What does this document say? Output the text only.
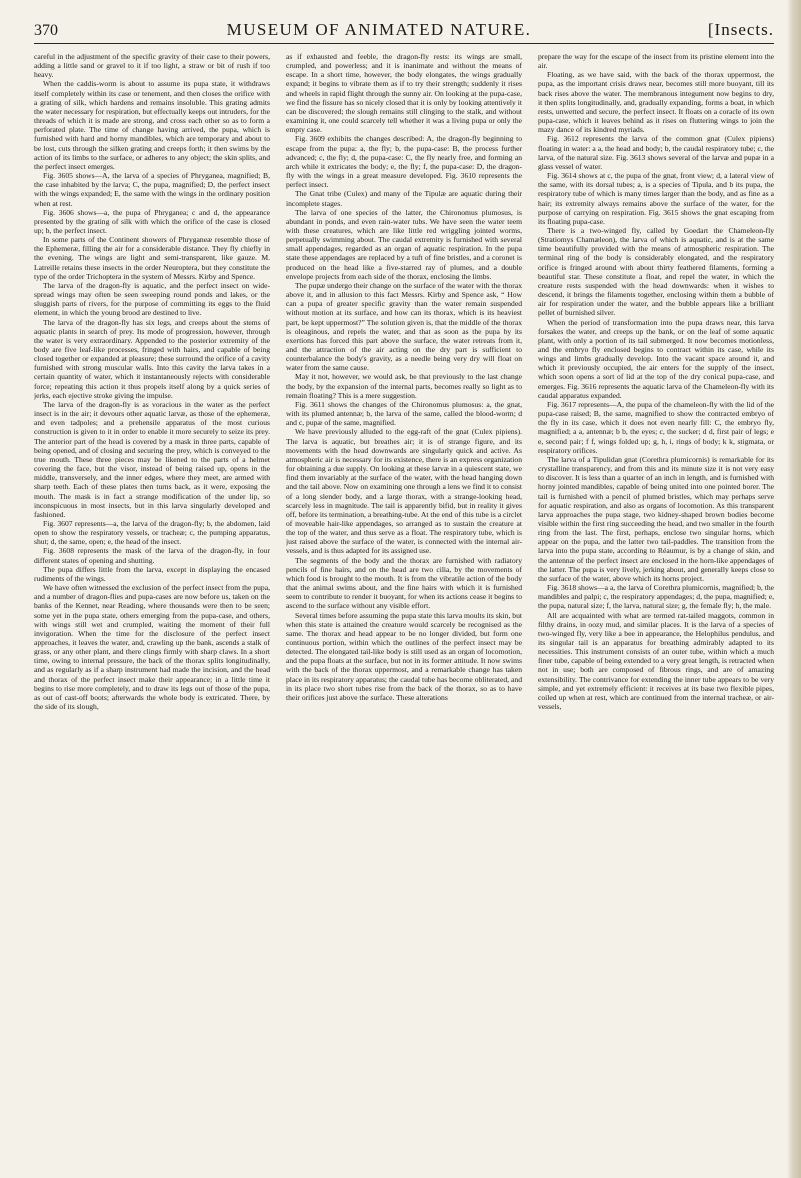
370	MUSEUM OF ANIMATED NATURE.	[Insects.

careful in the adjustment of the specific gravity of their case to their powers, adding a little sand or gravel to it if too light, a straw or bit of rush if too heavy.

When the caddis-worm is about to assume its pupa state, it withdraws itself completely within its case or tenement, and then closes the orifice with a grating of silk, which hardens and remains insoluble. This grating admits the water necessary for respiration, but effectually keeps out intruders, for the threads of which it is made are strong, and cross each other so as to form a perforated plate. The time of change having arrived, the pupa, which is furnished with hard and horny mandibles, which are temporary and about to be lost, cuts through the silken grating and creeps forth; it then swims by the action of its limbs to the surface, or adheres to any object; the skin splits, and the perfect insect emerges.

Fig. 3605 shows—A, the larva of a species of Phryganea, magnified; B, the case inhabited by the larva; C, the pupa, magnified; D, the perfect insect with the wings expanded; E, the same with the wings in the ordinary position when at rest.

Fig. 3606 shows—a, the pupa of Phryganea; c and d, the appearance presented by the grating of silk with which the orifice of the case is closed up; b, the perfect insect.

In some parts of the Continent showers of Phryganeæ resemble those of the Ephemeræ, filling the air for a considerable distance. They fly chiefly in the evening. The wings are light and semi-transparent, like gauze. M. Latreille retains these insects in the order Neuroptera, but they constitute the type of the order Trichoptera in the system of Messrs. Kirby and Spence.

The larva of the dragon-fly is aquatic, and the perfect insect on wide-spread wings may often be seen sweeping round ponds and lakes, or the sluggish parts of rivers, for the purpose of committing its eggs to the fluid element, in which the young brood are destined to live.

The larva of the dragon-fly has six legs, and creeps about the stems of aquatic plants in search of prey. Its mode of progression, however, through the water is very extraordinary. Appended to the posterior extremity of the body are five leaf-like processes, fringed with hairs, and capable of being closed together or expanded at pleasure; these surround the orifice of a cavity furnished with strong muscular walls. Into this cavity the larva takes in a certain quantity of water, which it instantaneously rejects with considerable force; repeating this action it thus propels itself along by a quick series of jerks, each ejective stroke giving the impulse.

The larva of the dragon-fly is as voracious in the water as the perfect insect is in the air; it devours other aquatic larvæ, as those of the ephemeræ, and even tadpoles; and a prehensile apparatus of the most curious construction is given to it in order to enable it more securely to seize its prey. The anterior part of the head is covered by a mask in three parts, capable of being opened, and of closing and securing the prey, which is conveyed to the true mouth. These three pieces may be likened to the parts of a helmet covering the face, but the visor, instead of being raised up, opens in the middle, transversely, and the inner edges, where they meet, are armed with sharp teeth. Each of these plates then turns back, as it were, exposing the mouth. The mask is in fact a strange modification of the under lip, so inconspicuous in most insects, but in this larva singularly developed and fashioned.

Fig. 3607 represents—a, the larva of the dragon-fly; b, the abdomen, laid open to show the respiratory vessels, or tracheæ; c, the pumping apparatus, shut; d, the same, open; e, the head of the insect.

Fig. 3608 represents the mask of the larva of the dragon-fly, in four different states of opening and shutting.

The pupa differs little from the larva, except in displaying the encased rudiments of the wings.

We have often witnessed the exclusion of the perfect insect from the pupa, and a number of dragon-flies and pupa-cases are now before us, taken on the banks of the Kennet, near Reading, where thousands were then to be seen; some yet in the pupa state, others emerging from the pupa-case, and others, with wings still wet and crumpled, waiting the moment of their full invigoration. When the time for the disclosure of the perfect insect approaches, it leaves the water, and, crawling up the bank, ascends a stalk of grass, or any other plant, and there clings firmly with sharp claws. In a short time, owing to internal pressure, the back of the thorax splits longitudinally, and as regularly as if a sharp instrument had made the incision, and the head and thorax of the perfect insect make their appearance; in a little time it begins to rise more completely, and to draw its legs out of those of the pupa, as out of cast-off boots; afterwards the whole body is extricated. There, by the side of its slough,

as if exhausted and feeble, the dragon-fly rests: its wings are small, crumpled, and powerless; and it is inanimate and without the means of escape. In a short time, however, the body elongates, the wings gradually expand; it begins to vibrate them as if to try their strength; suddenly it rises and wheels in rapid flight through the sunny air. On looking at the pupa-case, we find the fissure has so nicely closed that it is only by looking attentively it can be discovered; the slough remains still clinging to the stalk, and without examining it, one could scarcely tell whether it was a living pupa or only the empty case.

Fig. 3609 exhibits the changes described: A, the dragon-fly beginning to escape from the pupa: a, the fly; b, the pupa-case: B, the process further advanced; c, the fly; d, the pupa-case: C, the fly nearly free, and forming an arch while it extricates the body; e, the fly; f, the pupa-case: D, the dragon-fly with the wings in a great measure developed. Fig. 3610 represents the perfect insect.

The Gnat tribe (Culex) and many of the Tipulæ are aquatic during their incomplete stages.

The larva of one species of the latter, the Chironomus plumosus, is abundant in ponds, and even rain-water tubs. We have seen the water teem with these creatures, which are like little red wriggling jointed worms, perpetually swimming about. The caudal extremity is furnished with several small appendages, regarded as an organ of aquatic respiration. In the pupa state these appendages are replaced by a tuft of fine bristles, and a coronet is produced on the head like a five-starred ray of plumes, and a double envelope projects from each side of the thorax, enclosing the limbs.

The pupæ undergo their change on the surface of the water with the thorax above it, and in allusion to this fact Messrs. Kirby and Spence ask, “ How can a pupa of greater specific gravity than the water remain suspended without motion at its surface, and how can its thorax, which is its heaviest part, be kept uppermost?” The solution given is, that the middle of the thorax is oleaginous, and repels the water, and that as soon as the pupa by its exertions has forced this part above the surface, the water retreats from it, and the attraction of the air acting on the dry part is sufficient to counterbalance the body's gravity, as a needle being very dry will float on water from the same cause.

May it not, however, we would ask, be that previously to the last change the body, by the expansion of the internal parts, becomes really so light as to remain floating? This is a mere suggestion.

Fig. 3611 shows the changes of the Chironomus plumosus: a, the gnat, with its plumed antennæ; b, the larva of the same, called the blood-worm; d and c, pupæ of the same, magnified.

We have previously alluded to the egg-raft of the gnat (Culex pipiens). The larva is aquatic, but breathes air; it is of strange figure, and its movements with the head downwards are singularly quick and active. As atmospheric air is necessary for its existence, there is an express organization for obtaining a due supply. On looking at these larvæ in a quiescent state, we find them invariably at the surface of the water, with the head hanging down and the tail above. Now on examining one through a lens we find it to consist of a long slender body, and a large thorax, with a strange-looking head, scarcely less in magnitude. The tail is apparently bifid, but in reality it gives off, before its termination, a breathing-tube. At the end of this tube is a circlet of moveable hair-like appendages, so arranged as to sustain the creature at the top of the water, and thus serve as a float. The respiratory tube, which is just raised above the surface of the water, is connected with the internal air-vessels, and is thus adapted for its assigned use.

The segments of the body and the thorax are furnished with radiatory pencils of fine hairs, and on the head are two cilia, by the movements of which food is brought to the mouth. It is from the vibratile action of the body that the animal swims about, and the fine hairs with which it is furnished seem to contribute to render it buoyant, for when its actions cease it begins to ascend to the surface without any visible effort.

Several times before assuming the pupa state this larva moults its skin, but when this state is attained the creature would scarcely be recognised as the same. The thorax and head appear to be no longer divided, but form one continuous portion, within which the outlines of the perfect insect may be detected. The elongated tail-like body is still used as an organ of locomotion, and the pupa floats at the surface, but not in its former attitude. It now swims with the back of the thorax uppermost, and a remarkable change has taken place in its respiratory apparatus; the caudal tube has become obliterated, and in its place two short tubes rise from the back of the thorax, so as to have their orifices just above the surface. These alterations

prepare the way for the escape of the insect from its pristine element into the air.

Floating, as we have said, with the back of the thorax uppermost, the pupa, as the important crisis draws near, becomes still more buoyant, till its back rises above the water. The membranous integument now begins to dry, it then splits longitudinally, and, gradually expanding, forms a boat, in which rests, unwetted and secure, the perfect insect. It floats on a coracle of its own pupa-case, which it leaves behind as it rises on fluttering wings to join the mazy dance of its kindred myriads.

Fig. 3612 represents the larva of the common gnat (Culex pipiens) floating in water: a a, the head and body; b, the caudal respiratory tube; c, the larva, of the natural size. Fig. 3613 shows several of the larvæ and pupæ in a glass vessel of water.

Fig. 3614 shows at c, the pupa of the gnat, front view; d, a lateral view of the same, with its dorsal tubes; a, is a species of Tipula, and b its pupa, the respiratory tube of which is many times larger than the body, and as fine as a hair; its extremity always remains above the surface of the water, for the purpose of carrying on respiration. Fig. 3615 shows the gnat escaping from its floating pupa-case.

There is a two-winged fly, called by Goedart the Chameleon-fly (Stratiomys Chamæleon), the larva of which is aquatic, and is at the same time beautifully provided with the means of atmospheric respiration. The terminal ring of the body is considerably elongated, and the respiratory orifice is fringed around with about thirty feathered filaments, forming a beautiful star. These constitute a float, and repel the water, in which the creature rests suspended with the head downwards: when it wishes to descend, it brings the filaments together, enclosing within them a bubble of air for respiration under the water, and the bubble appears like a brilliant pellet of burnished silver.

When the period of transformation into the pupa draws near, this larva forsakes the water, and creeps up the bank, or on the leaf of some aquatic plant, with only a portion of its tail submerged. It now becomes motionless, and the embryo fly enclosed begins to contract within its case, while its wings and limbs gradually develop. Into the vacant space around it, and which it previously occupied, the air enters for the supply of the insect, which soon opens a sort of lid at the top of the dry conical pupa-case, and emerges. Fig. 3616 represents the aquatic larva of the Chameleon-fly with its caudal apparatus expanded.

Fig. 3617 represents—A, the pupa of the chameleon-fly with the lid of the pupa-case raised; B, the same, magnified to show the contracted embryo of the fly in its case, which it does not even nearly fill: C, the embryo fly, magnified; a a, antennæ; b b, the eyes; c, the sucker; d d, first pair of legs; e e, second pair; f f, wings folded up; g, h, i, rings of body; k k, stigmata, or respiratory orifices.

The larva of a Tipulidan gnat (Corethra plumicornis) is remarkable for its crystalline transparency, and from this and its minute size it is not very easy to discover. It is less than a quarter of an inch in length, and is furnished with horny jointed mandibles, capable of being united into one pointed borer. The tail is furnished with a pencil of plumed bristles, which may perhaps serve for aquatic respiration, and also as organs of locomotion. As this transparent larva approaches the pupa stage, two kidney-shaped brown bodies become visible within the first ring succeeding the head, and two smaller in the fourth ring from the last. The first, perhaps, enclose two singular horns, which appear on the pupa, and the latter two tail-paddles. The transition from the larva into the pupa state, according to Réaumur, is by a change of skin, and the antennæ of the perfect insect are enclosed in the horn-like appendages of the latter. The pupa is very lively, jerking about, and generally keeps close to the surface of the water, above which its horns project.

Fig. 3618 shows—a a, the larva of Corethra plumicornis, magnified; b, the mandibles and palpi; c, the respiratory appendages; d, the pupa, magnified; e, the pupa, natural size; f, the larva, natural size; g, the female fly; h, the male.

All are acquainted with what are termed rat-tailed maggots, common in filthy drains, in oozy mud, and similar places. It is the larva of a species of two-winged fly, very like a bee in appearance, the Helophilus pendulus, and its singular tail is an apparatus for breathing admirably adapted to its necessities. This instrument consists of an outer tube, within which a much finer tube, capable of being extended to a very great length, is retracted when not in use; both are composed of fibrous rings, and are of amazing extensibility. The contrivance for extending the inner tube appears to be very simple, and yet extremely efficient: it receives at its base two flexible pipes, coiled up when at rest, which are continued from the internal tracheæ, or air-vessels,
